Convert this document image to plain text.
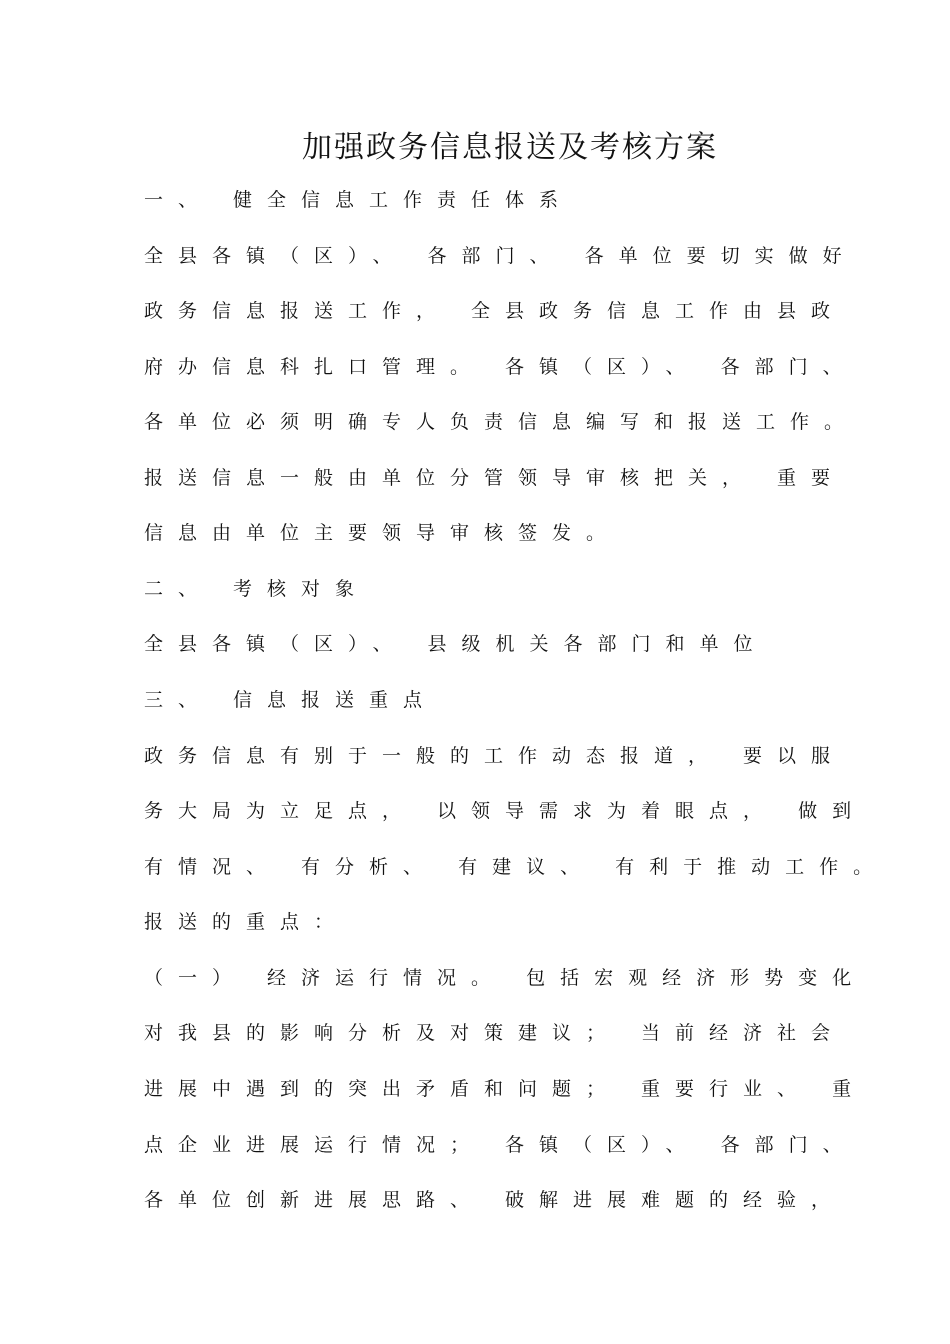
加强政务信息报送及考核方案
一、 健全信息工作责任体系
全县各镇（区）、 各部门、 各单位要切实做好
政务信息报送工作， 全县政务信息工作由县政
府办信息科扎口管理。 各镇（区）、 各部门、
各单位必须明确专人负责信息编写和报送工作。
报送信息一般由单位分管领导审核把关， 重要
信息由单位主要领导审核签发。
二、 考核对象
全县各镇（区）、 县级机关各部门和单位
三、 信息报送重点
政务信息有别于一般的工作动态报道， 要以服
务大局为立足点， 以领导需求为着眼点， 做到
有情况、 有分析、 有建议、 有利于推动工作。
报送的重点：
（一） 经济运行情况。 包括宏观经济形势变化
对我县的影响分析及对策建议； 当前经济社会
进展中遇到的突出矛盾和问题； 重要行业、 重
点企业进展运行情况； 各镇（区）、 各部门、
各单位创新进展思路、 破解进展难题的经验，
